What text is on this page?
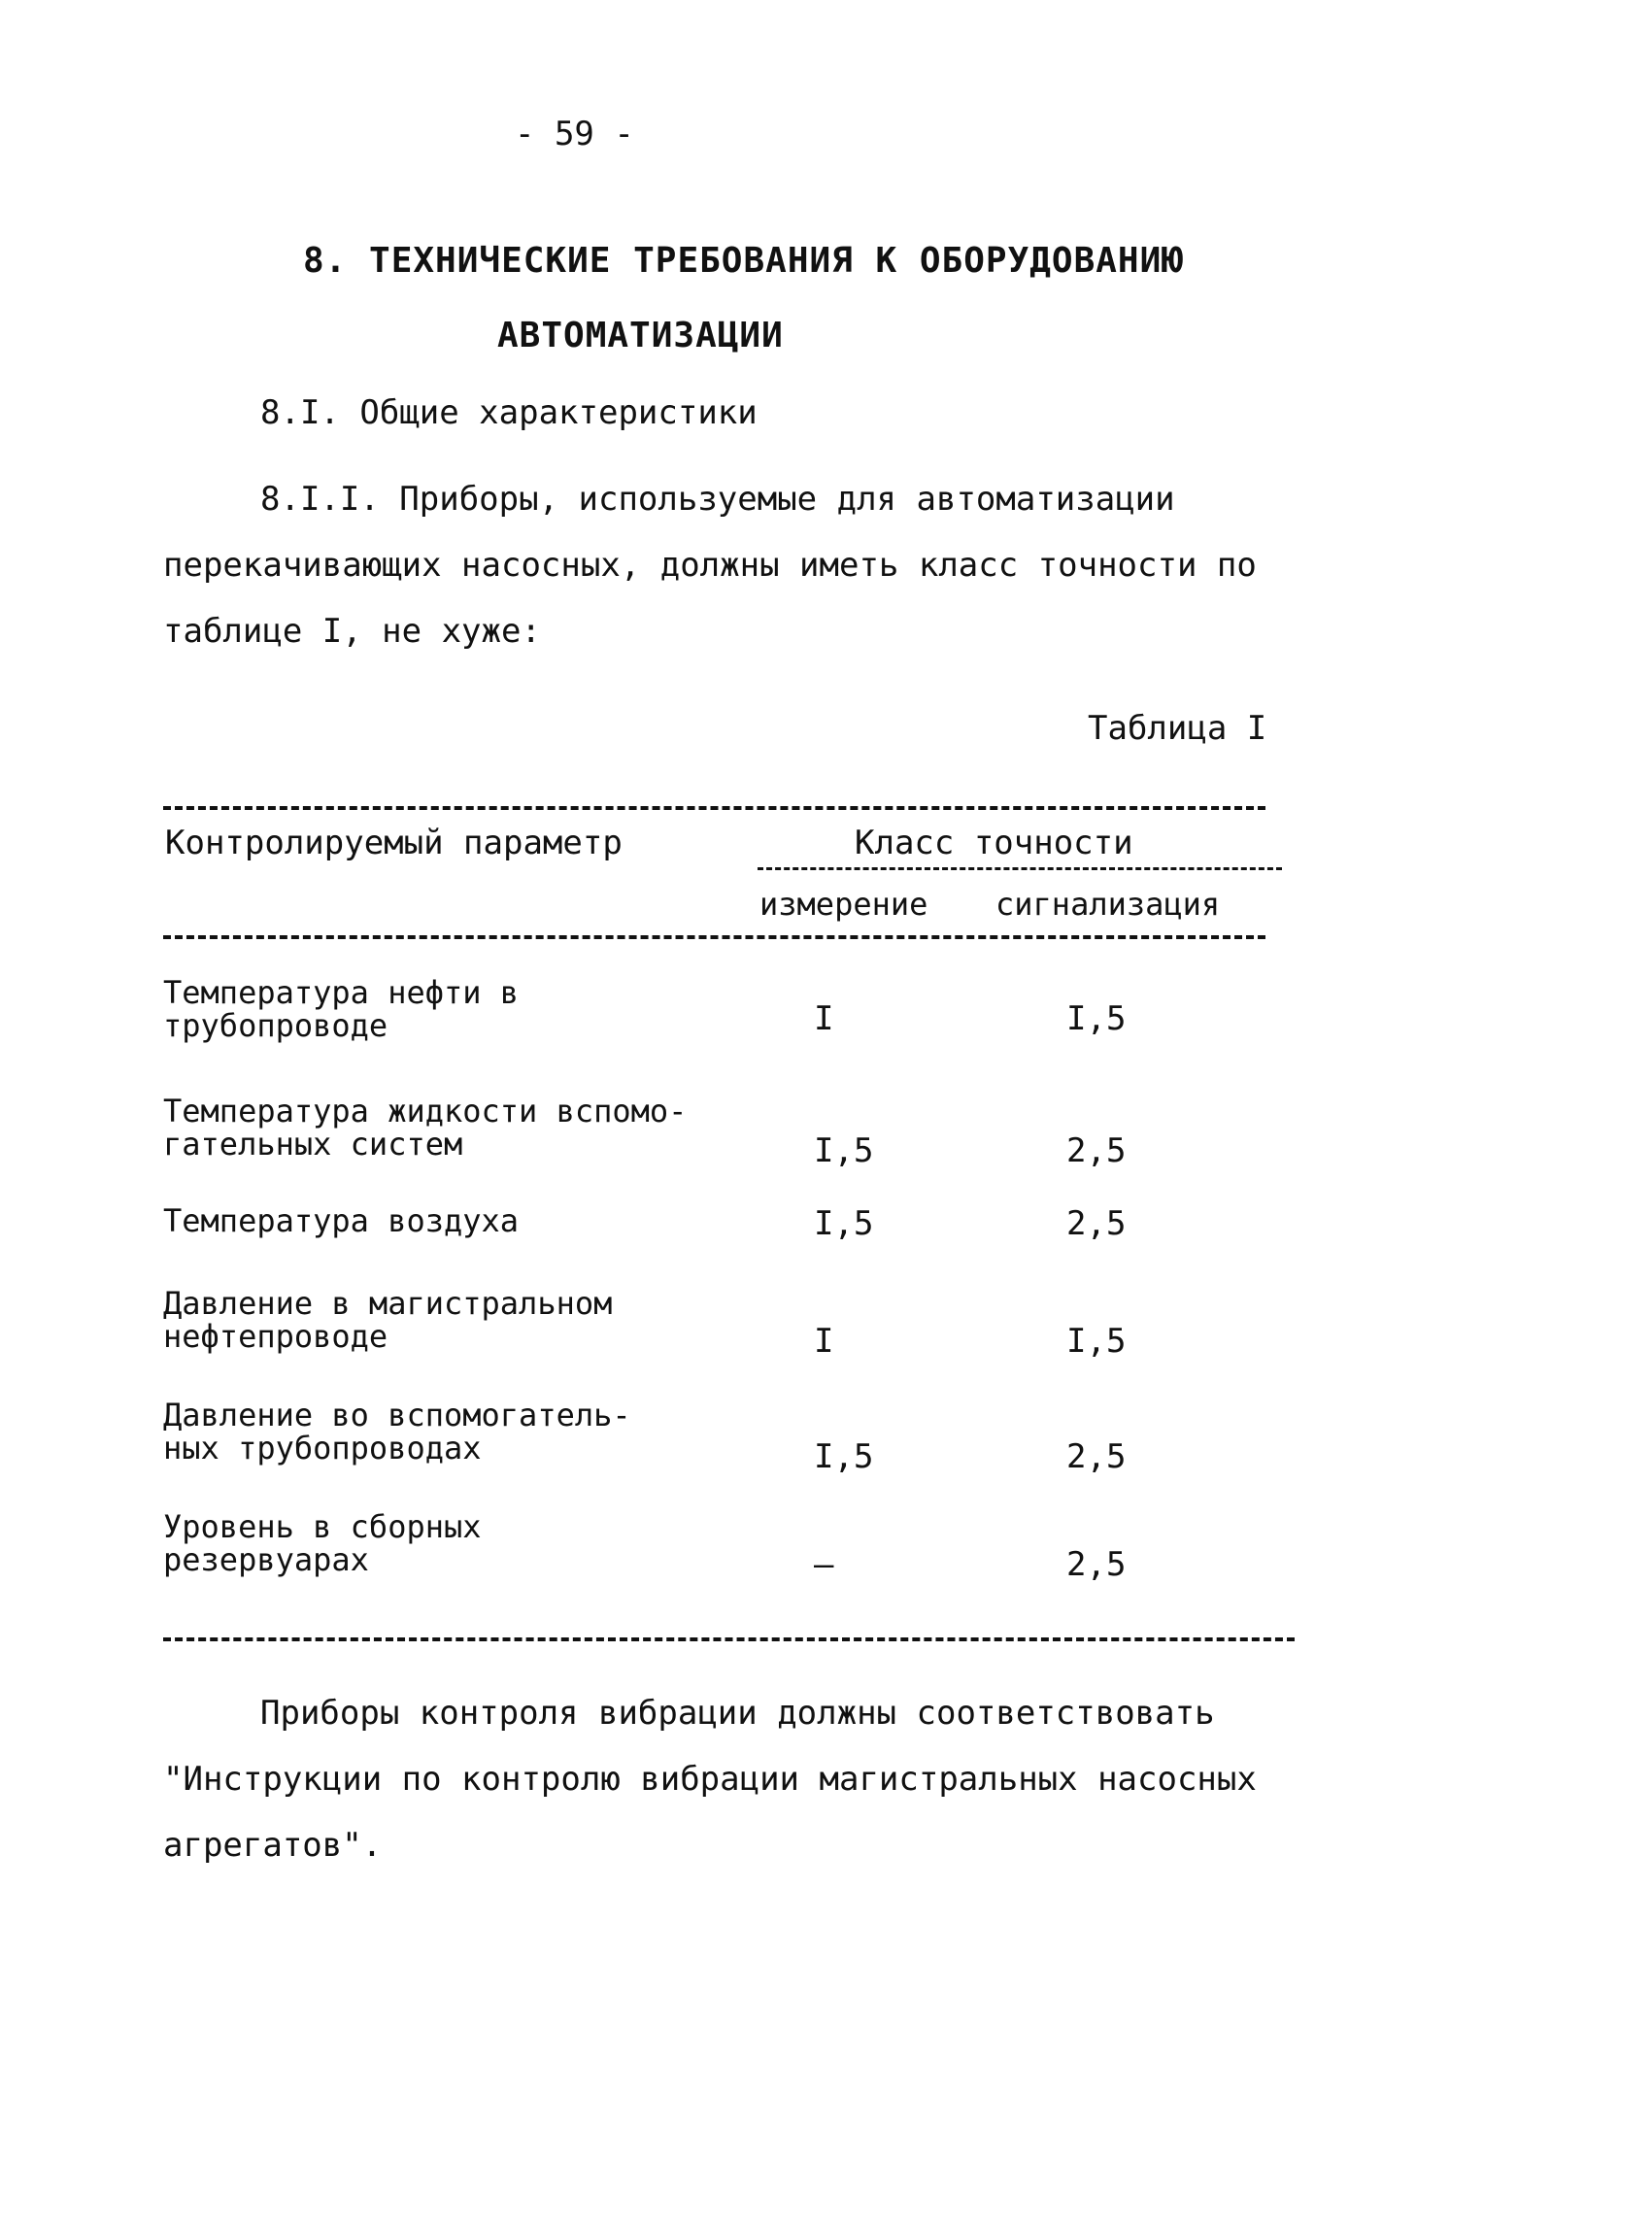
- 59 -
8. ТЕХНИЧЕСКИЕ ТРЕБОВАНИЯ К ОБОРУДОВАНИЮ
АВТОМАТИЗАЦИИ
8.I. Общие характеристики
8.I.I. Приборы, используемые для автоматизации перекачивающих насосных, должны иметь класс точности по таблице I, не хуже:
Таблица I
Контролируемый параметр	Класс точности
измерение сигнализация
Температура нефти в
трубопроводе	I	I,5
Температура жидкости вспомо-
гательных систем	I,5	2,5
Температура воздуха	I,5	2,5
Давление в магистральном
нефтепроводе	I	I,5
Давление во вспомогатель-
ных трубопроводах	I,5	2,5
Уровень в сборных
резервуарах	–	2,5
Приборы контроля вибрации должны соответствовать "Инструкции по контролю вибрации магистральных насосных агрегатов".
